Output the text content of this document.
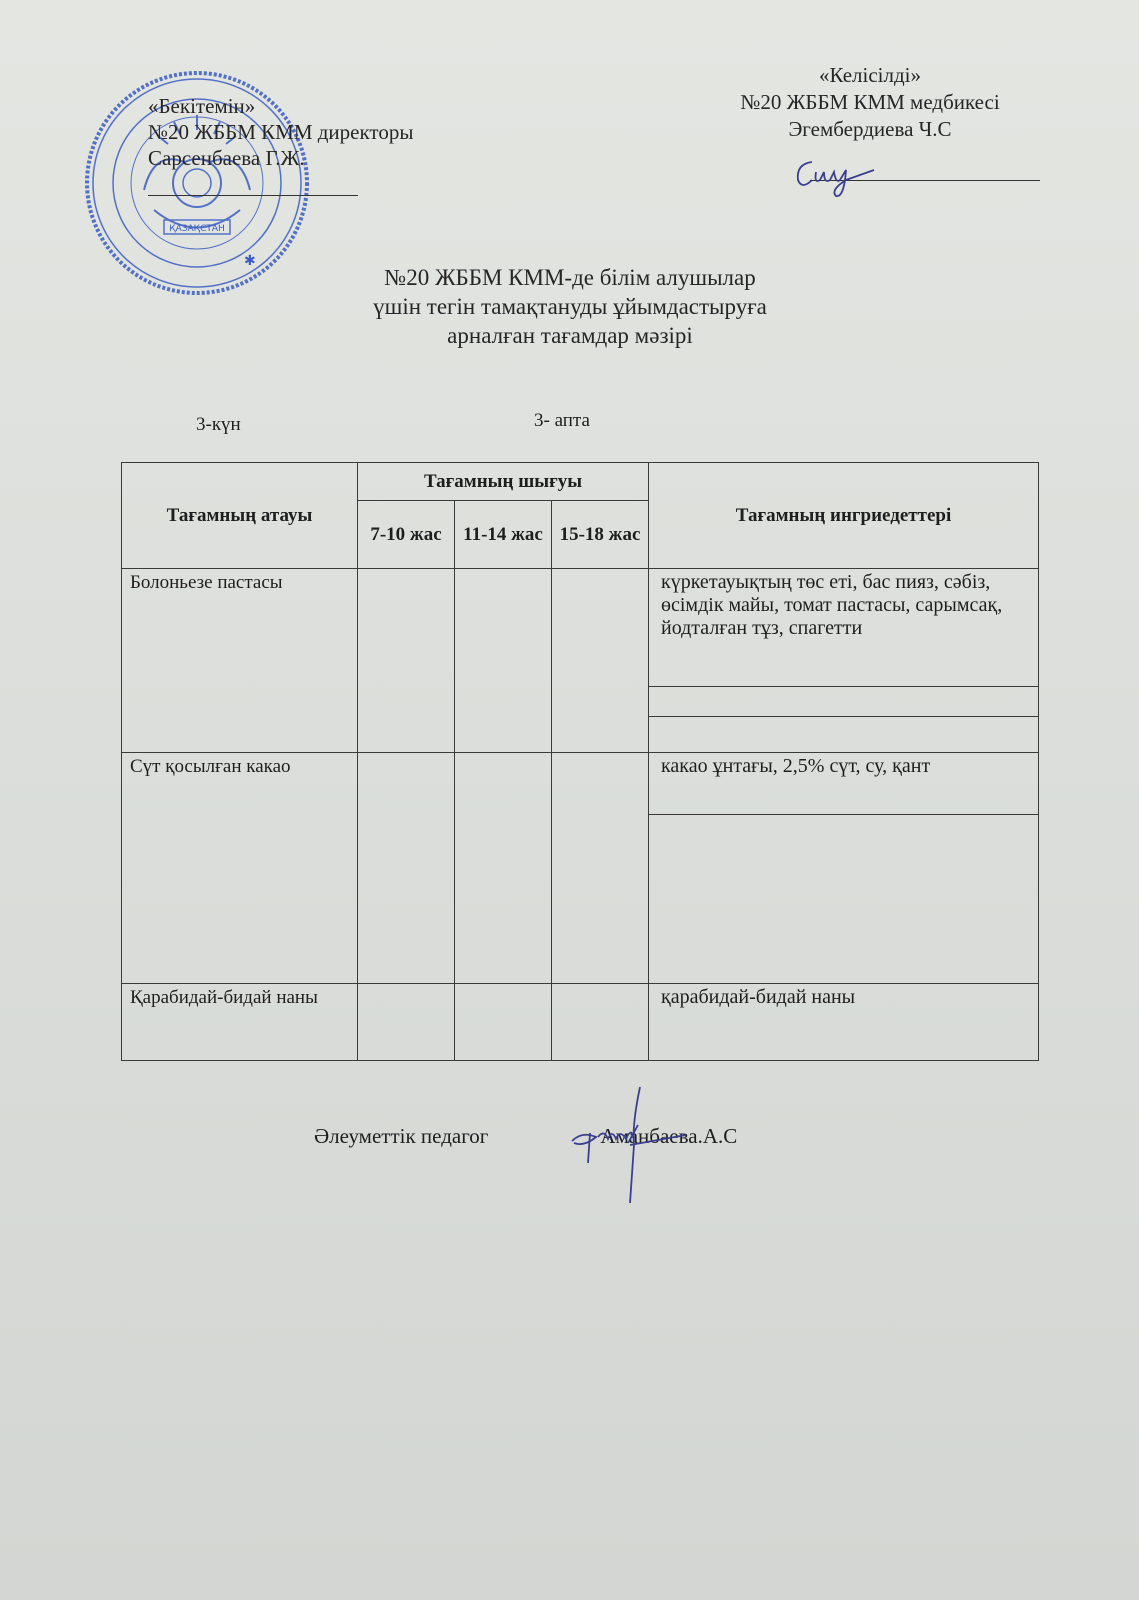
ҚАЗАҚСТАН
✱
«Бекітемін»
№20 ЖББМ КММ директоры
Сарсенбаева Г.Ж.
«Келісілді»
№20 ЖББМ КММ медбикесі
Эгембердиева Ч.С
№20 ЖББМ КММ-де білім алушылар
үшін тегін тамақтануды ұйымдастыруға
арналған тағамдар мәзірі
3-күн	3- апта
Тағамның атауы	Тағамның шығуы			Тағамның ингриедеттері
	7-10 жас	11-14 жас	15-18 жас	
Болоньезе пастасы				күркетауықтың төс еті, бас пияз, сәбіз, өсімдік майы, томат пастасы, сарымсақ, йодталған тұз, спагетти

Сүт қосылған какао				какао ұнтағы, 2,5% сүт, су, қант

Қарабидай-бидай наны				қарабидай-бидай наны
Әлеуметтік педагог	Аманбаева.А.С
